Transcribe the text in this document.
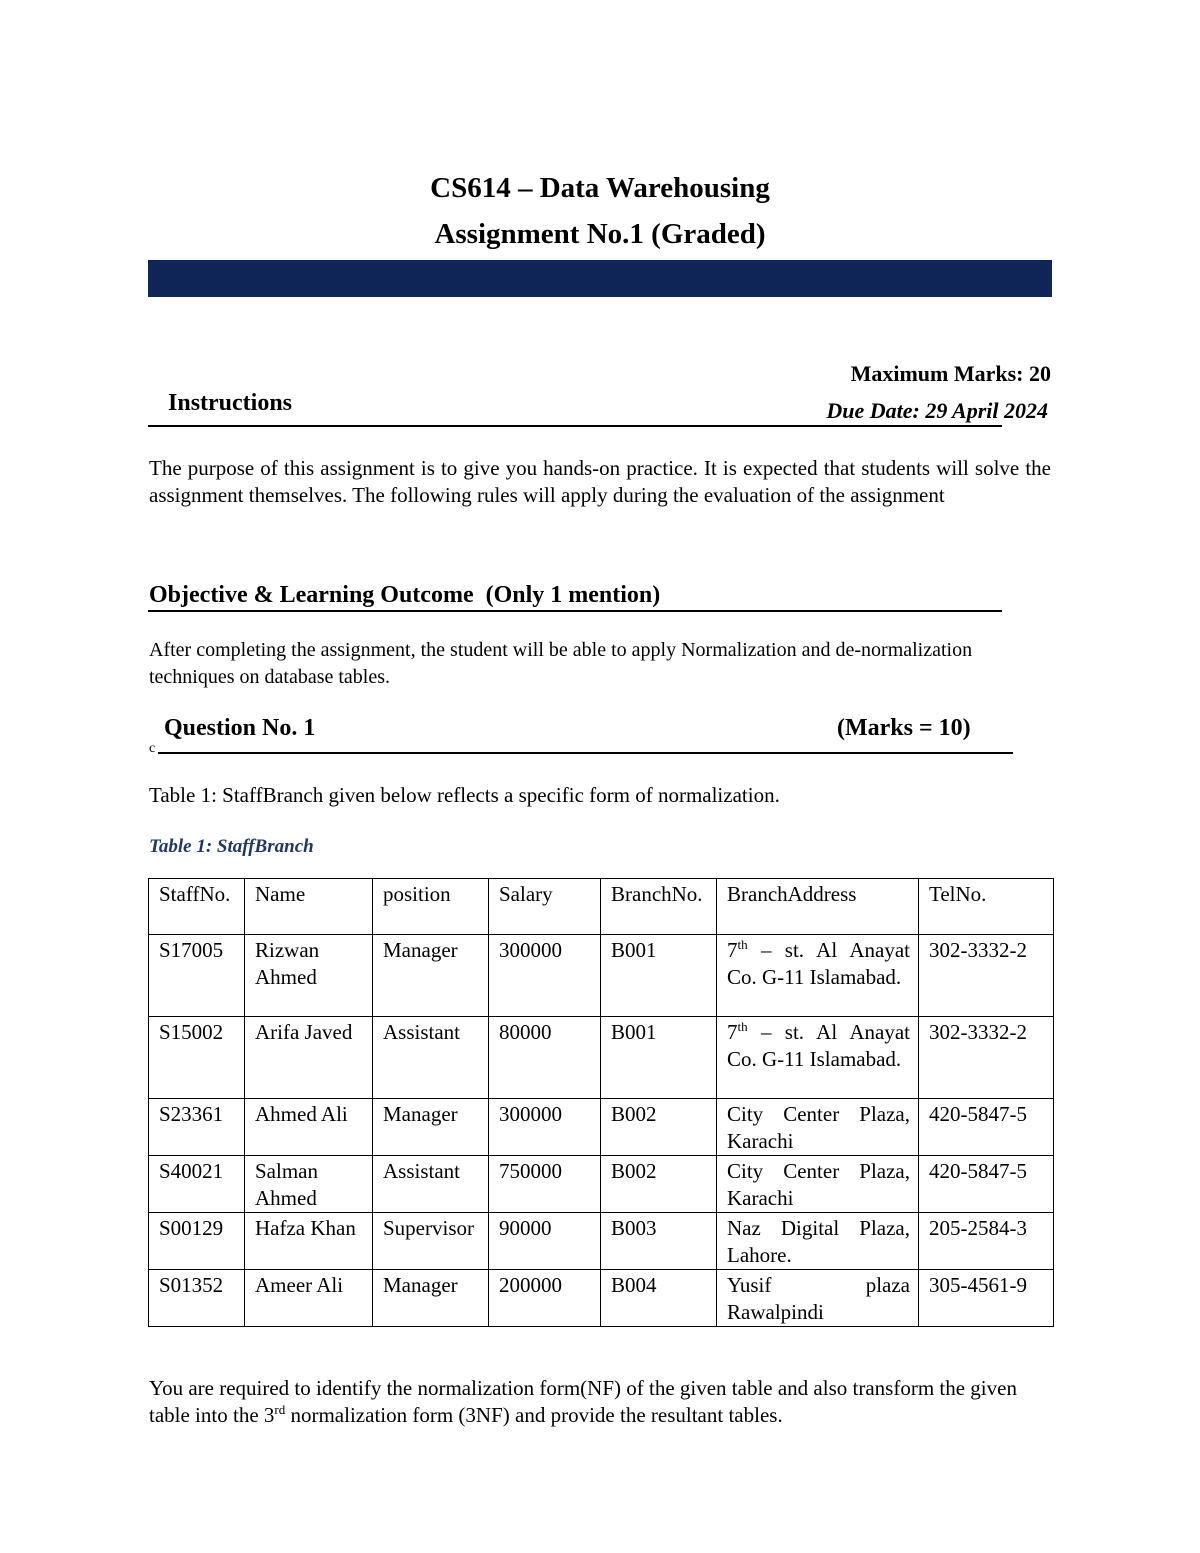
CS614 – Data Warehousing
Assignment No.1 (Graded)
Maximum Marks: 20
Instructions	Due Date: 29 April 2024
The purpose of this assignment is to give you hands-on practice. It is expected that students will solve the assignment themselves. The following rules will apply during the evaluation of the assignment
Objective & Learning Outcome  (Only 1 mention)
After completing the assignment, the student will be able to apply Normalization and de-normalization techniques on database tables.
Question No. 1	(Marks = 10)
c
Table 1: StaffBranch given below reflects a specific form of normalization.
Table 1: StaffBranch
StaffNo.	Name	position	Salary	BranchNo.	BranchAddress	TelNo.
S17005	Rizwan Ahmed	Manager	300000	B001	7th – st. Al Anayat Co. G-11 Islamabad.	302-3332-2
S15002	Arifa Javed	Assistant	80000	B001	7th – st. Al Anayat Co. G-11 Islamabad.	302-3332-2
S23361	Ahmed Ali	Manager	300000	B002	City Center Plaza, Karachi	420-5847-5
S40021	Salman Ahmed	Assistant	750000	B002	City Center Plaza, Karachi	420-5847-5
S00129	Hafza Khan	Supervisor	90000	B003	Naz Digital Plaza, Lahore.	205-2584-3
S01352	Ameer Ali	Manager	200000	B004	Yusif plaza Rawalpindi	305-4561-9
You are required to identify the normalization form(NF) of the given table and also transform the given table into the 3rd normalization form (3NF) and provide the resultant tables.
